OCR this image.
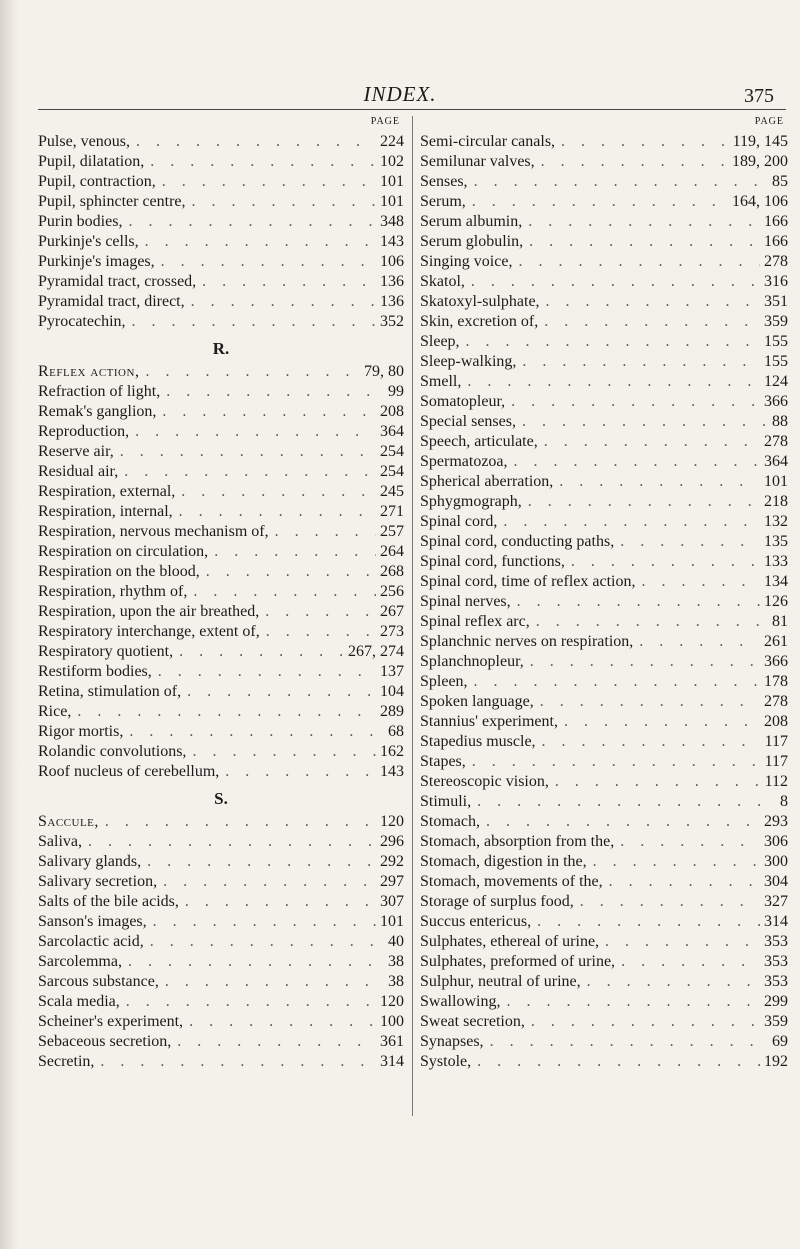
INDEX.	375
PAGE
Pulse, venous, . . .	224
Pupil, dilatation, . . .	102
Pupil, contraction, . . .	101
Pupil, sphincter centre, . . .	101
Purin bodies, . . .	348
Purkinje's cells, . . .	143
Purkinje's images, . . .	106
Pyramidal tract, crossed, . . .	136
Pyramidal tract, direct, . . .	136
Pyrocatechin, . . .	352
R.
Reflex action, . . .	79, 80
Refraction of light, . . .	99
Remak's ganglion, . . .	208
Reproduction, . . .	364
Reserve air, . . .	254
Residual air, . . .	254
Respiration, external, . . .	245
Respiration, internal, . . .	271
Respiration, nervous mechanism of, . . .	257
Respiration on circulation, . . .	264
Respiration on the blood, . . .	268
Respiration, rhythm of, . . .	256
Respiration, upon the air breathed, . . .	267
Respiratory interchange, extent of, . . .	273
Respiratory quotient, . . .	267, 274
Restiform bodies, . . .	137
Retina, stimulation of, . . .	104
Rice, . . .	289
Rigor mortis, . . .	68
Rolandic convolutions, . . .	162
Roof nucleus of cerebellum, . . .	143
S.
Saccule, . . .	120
Saliva, . . .	296
Salivary glands, . . .	292
Salivary secretion, . . .	297
Salts of the bile acids, . . .	307
Sanson's images, . . .	101
Sarcolactic acid, . . .	40
Sarcolemma, . . .	38
Sarcous substance, . . .	38
Scala media, . . .	120
Scheiner's experiment, . . .	100
Sebaceous secretion, . . .	361
Secretin, . . .	314
PAGE
Semi-circular canals, . . .	119, 145
Semilunar valves, . . .	189, 200
Senses, . . .	85
Serum, . . .	164, 106
Serum albumin, . . .	166
Serum globulin, . . .	166
Singing voice, . . .	278
Skatol, . . .	316
Skatoxyl-sulphate, . . .	351
Skin, excretion of, . . .	359
Sleep, . . .	155
Sleep-walking, . . .	155
Smell, . . .	124
Somatopleur, . . .	366
Special senses, . . .	88
Speech, articulate, . . .	278
Spermatozoa, . . .	364
Spherical aberration, . . .	101
Sphygmograph, . . .	218
Spinal cord, . . .	132
Spinal cord, conducting paths, . . .	135
Spinal cord, functions, . . .	133
Spinal cord, time of reflex action, . . .	134
Spinal nerves, . . .	126
Spinal reflex arc, . . .	81
Splanchnic nerves on respiration, . . .	261
Splanchnopleur, . . .	366
Spleen, . . .	178
Spoken language, . . .	278
Stannius' experiment, . . .	208
Stapedius muscle, . . .	117
Stapes, . . .	117
Stereoscopic vision, . . .	112
Stimuli, . . .	8
Stomach, . . .	293
Stomach, absorption from the, . . .	306
Stomach, digestion in the, . . .	300
Stomach, movements of the, . . .	304
Storage of surplus food, . . .	327
Succus entericus, . . .	314
Sulphates, ethereal of urine, . . .	353
Sulphates, preformed of urine, . . .	353
Sulphur, neutral of urine, . . .	353
Swallowing, . . .	299
Sweat secretion, . . .	359
Synapses, . . .	69
Systole, . . .	192
